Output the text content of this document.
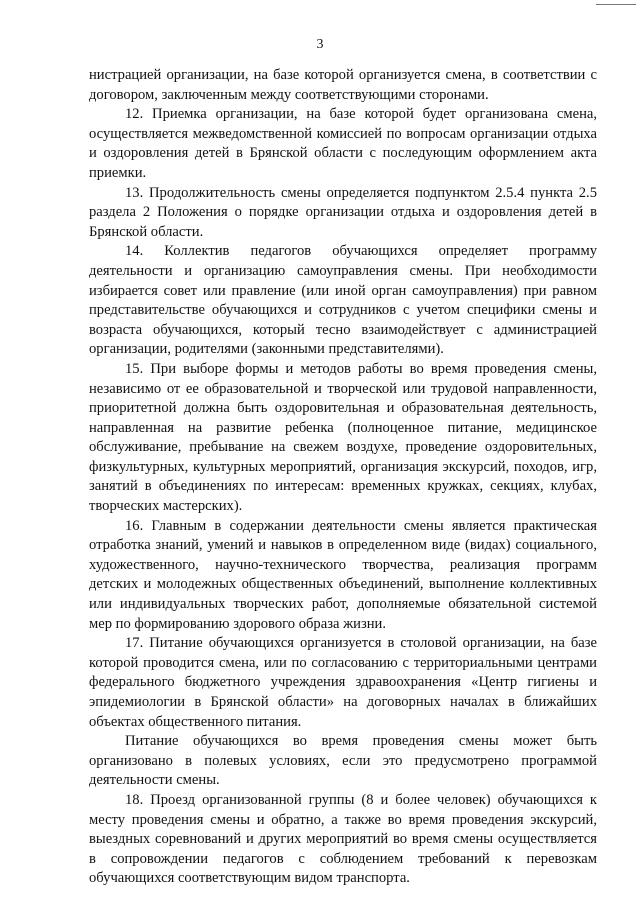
3

нистрацией организации, на базе которой организуется смена, в соответствии с договором, заключенным между соответствующими сторонами.

12. Приемка организации, на базе которой будет организована смена, осуществляется межведомственной комиссией по вопросам организации отдыха и оздоровления детей в Брянской области с последующим оформлением акта приемки.

13. Продолжительность смены определяется подпунктом 2.5.4 пункта 2.5 раздела 2 Положения о порядке организации отдыха и оздоровления детей в Брянской области.

14. Коллектив педагогов обучающихся определяет программу деятельности и организацию самоуправления смены. При необходимости избирается совет или правление (или иной орган самоуправления) при равном представительстве обучающихся и сотрудников с учетом специфики смены и возраста обучающихся, который тесно взаимодействует с администрацией организации, родителями (законными представителями).

15. При выборе формы и методов работы во время проведения смены, независимо от ее образовательной и творческой или трудовой направленности, приоритетной должна быть оздоровительная и образовательная деятельность, направленная на развитие ребенка (полноценное питание, медицинское обслуживание, пребывание на свежем воздухе, проведение оздоровительных, физкультурных, культурных мероприятий, организация экскурсий, походов, игр, занятий в объединениях по интересам: временных кружках, секциях, клубах, творческих мастерских).

16. Главным в содержании деятельности смены является практическая отработка знаний, умений и навыков в определенном виде (видах) социального, художественного, научно-технического творчества, реализация программ детских и молодежных общественных объединений, выполнение коллективных или индивидуальных творческих работ, дополняемые обязательной системой мер по формированию здорового образа жизни.

17. Питание обучающихся организуется в столовой организации, на базе которой проводится смена, или по согласованию с территориальными центрами федерального бюджетного учреждения здравоохранения «Центр гигиены и эпидемиологии в Брянской области» на договорных началах в ближайших объектах общественного питания.

Питание обучающихся во время проведения смены может быть организовано в полевых условиях, если это предусмотрено программой деятельности смены.

18. Проезд организованной группы (8 и более человек) обучающихся к месту проведения смены и обратно, а также во время проведения экскурсий, выездных соревнований и других мероприятий во время смены осуществляется в сопровождении педагогов с соблюдением требований к перевозкам обучающихся соответствующим видом транспорта.
